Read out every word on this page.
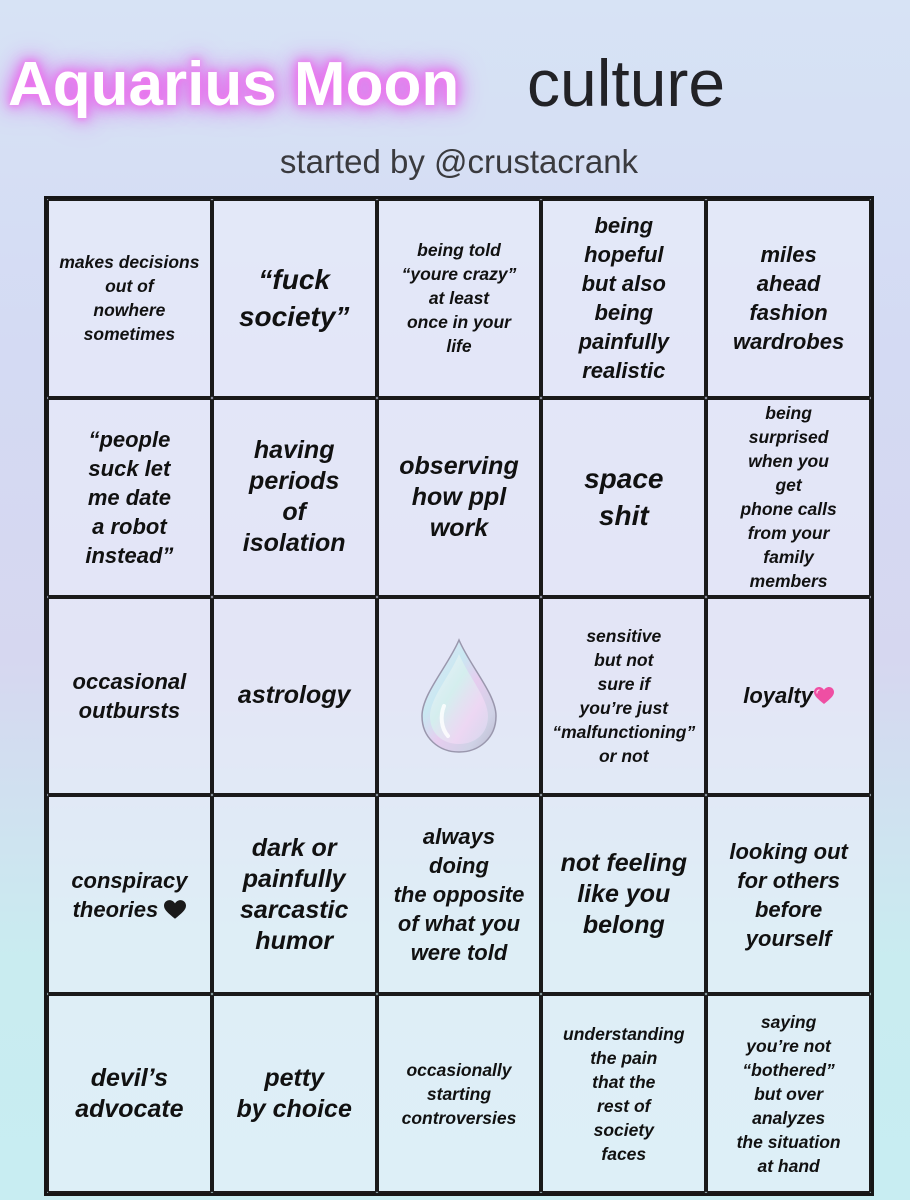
Aquarius Moon culture
started by @crustacrank
makes decisions
out of
nowhere
sometimes
“fuck
society”
being told
“youre crazy”
at least
once in your
life
being
hopeful
but also
being
painfully
realistic
miles
ahead
fashion
wardrobes
“people
suck let
me date
a robot
instead”
having
periods
of
isolation
observing
how ppl
work
space
shit
being
surprised
when you
get
phone calls
from your
family
members
occasional
outbursts
astrology
sensitive
but not
sure if
you’re just
“malfunctioning”
or not
loyalty
conspiracy
theories
dark or
painfully
sarcastic
humor
always
doing
the opposite
of what you
were told
not feeling
like you
belong
looking out
for others
before
yourself
devil’s
advocate
petty
by choice
occasionally
starting
controversies
understanding
the pain
that the
rest of
society
faces
saying
you’re not
“bothered”
but over
analyzes
the situation
at hand
